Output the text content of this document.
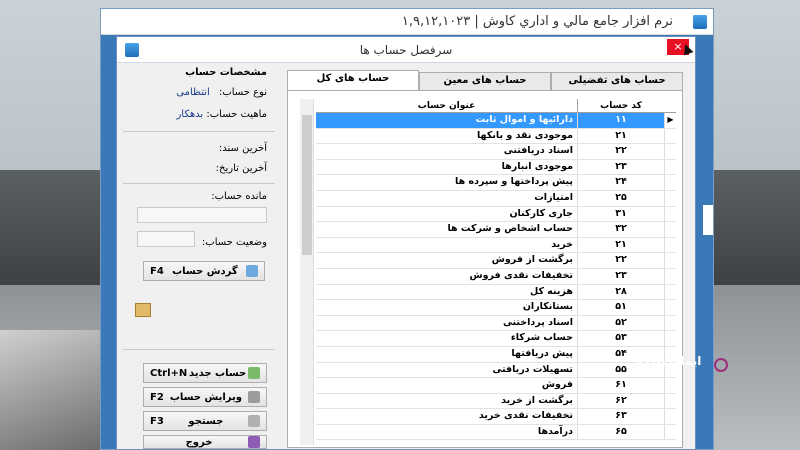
نرم افزار جامع مالي و اداري كاوش | ۱,۹,۱۲,۱۰۲۳
سرفصل حساب ها	×
مشخصات حساب
نوع حساب: انتظامی
ماهیت حساب: بدهکار
آخرین سند:
آخرین تاریخ:
مانده حساب:
وضعیت حساب:
گردش حساب
F4
حساب جدید
Ctrl+N
ویرایش حساب
F2
جستجو
F3
خروج
حساب های تفضیلی
حساب های معین
حساب های کل
عنوان حساب	کد حساب
دارائیها و اموال ثابت	۱۱	▶
موجودی نقد و بانکها	۲۱
اسناد دریافتنی	۲۲
موجودی انبارها	۲۳
پیش پرداختها و سپرده ها	۲۴
امتیازات	۲۵
جاری کارکنان	۳۱
حساب اشخاص و شرکت ها	۳۲
خرید	۲۱
برگشت از فروش	۲۲
تخفیفات نقدی فروش	۲۳
هزینه کل	۲۸
بستانکاران	۵۱
اسناد پرداختنی	۵۲
حساب شرکاء	۵۳
پیش دریافتها	۵۴
تسهیلات دریافتی	۵۵
فروش	۶۱
برگشت از خرید	۶۲
تخفیفات نقدی خرید	۶۳
درآمدها	۶۵
ایمان پاکزاد
